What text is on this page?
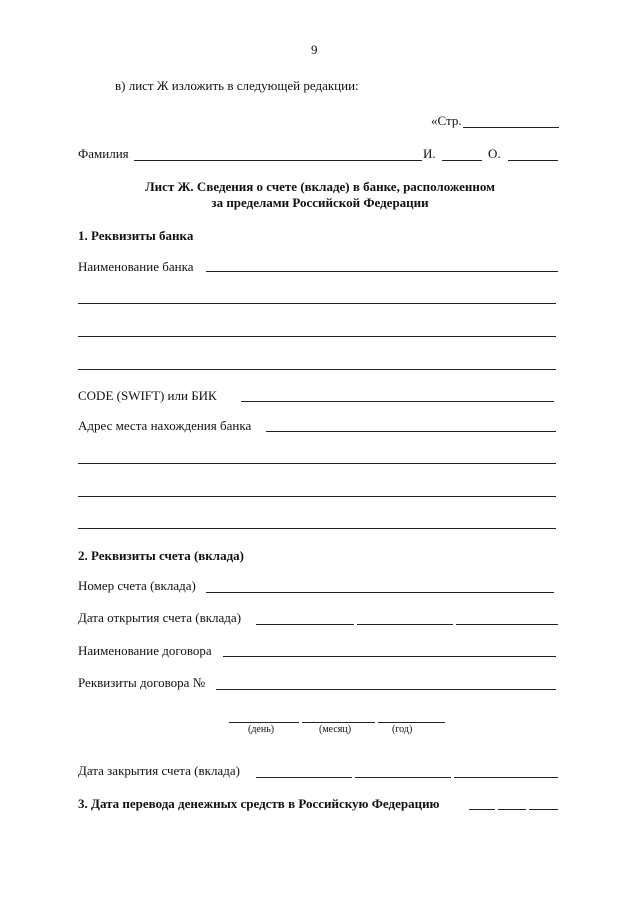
9
в) лист Ж изложить в следующей редакции:
«Стр.
Фамилия	И.	О.
Лист Ж. Сведения о счете (вкладе) в банке, расположенном
за пределами Российской Федерации
1. Реквизиты банка
Наименование банка
CODE (SWIFT) или БИК
Адрес места нахождения банка
2. Реквизиты счета (вклада)
Номер счета (вклада)
Дата открытия счета (вклада)
Наименование договора
Реквизиты договора №
(день)	(месяц)	(год)
Дата закрытия счета (вклада)
3. Дата перевода денежных средств в Российскую Федерацию
